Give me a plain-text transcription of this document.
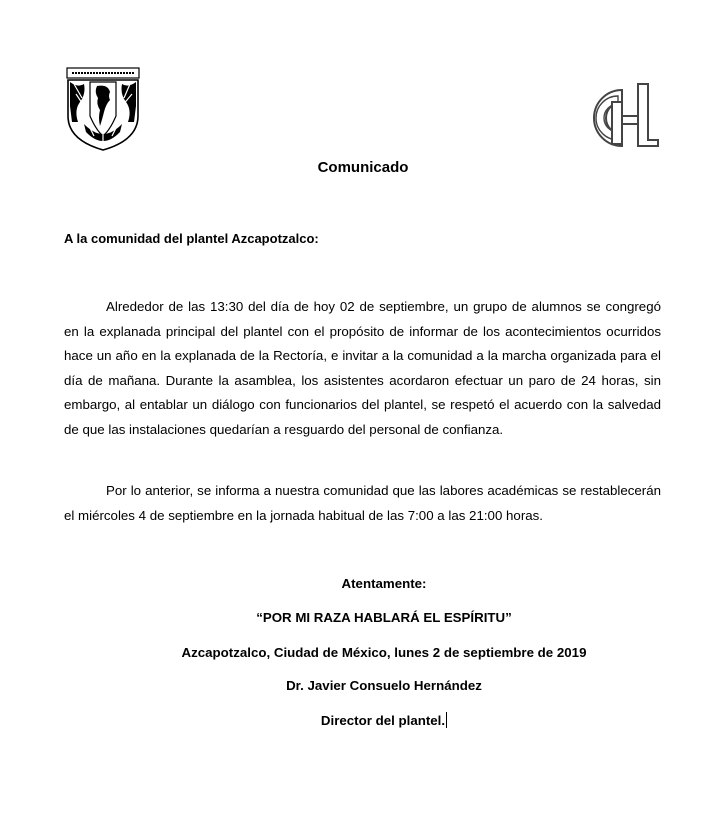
Comunicado
A la comunidad del plantel Azcapotzalco:

Alrededor de las 13:30 del día de hoy 02 de septiembre, un grupo de alumnos se congregó en la explanada principal del plantel con el propósito de informar de los acontecimientos ocurridos hace un año en la explanada de la Rectoría, e invitar a la comunidad a la marcha organizada para el día de mañana. Durante la asamblea, los asistentes acordaron efectuar un paro de 24 horas, sin embargo, al entablar un diálogo con funcionarios del plantel, se respetó el acuerdo con la salvedad de que las instalaciones quedarían a resguardo del personal de confianza.

Por lo anterior, se informa a nuestra comunidad que las labores académicas se restablecerán el miércoles 4 de septiembre en la jornada habitual de las 7:00 a las 21:00 horas.

Atentamente:
“POR MI RAZA HABLARÁ EL ESPÍRITU”
Azcapotzalco, Ciudad de México, lunes 2 de septiembre de 2019
Dr. Javier Consuelo Hernández
Director del plantel.
